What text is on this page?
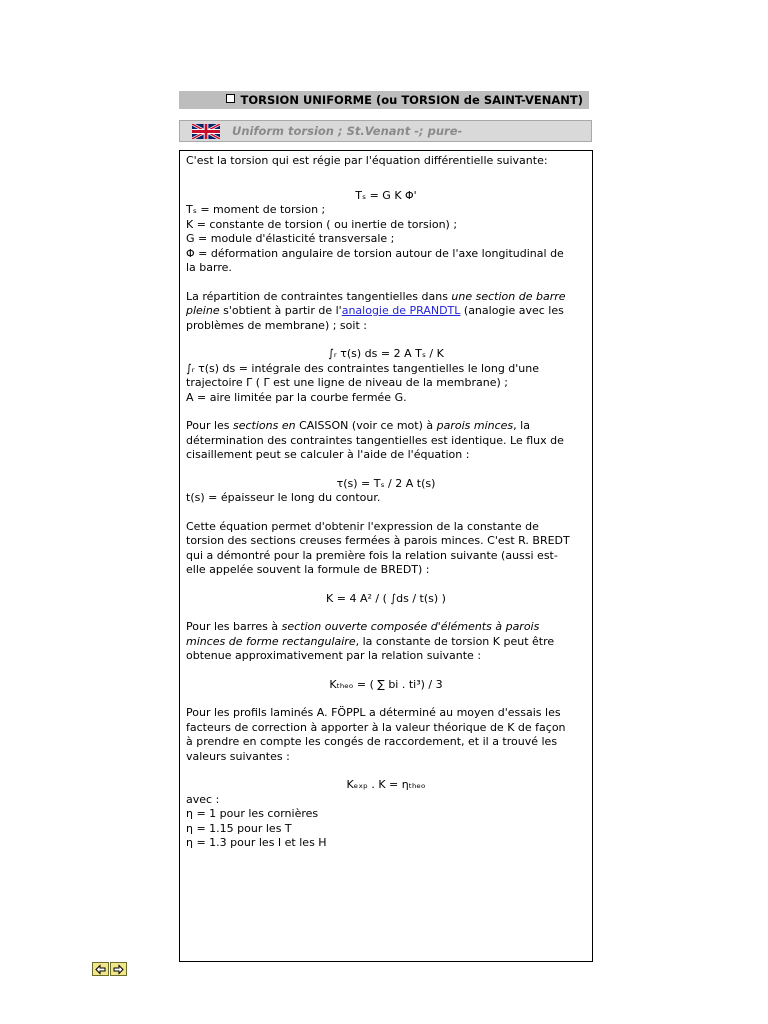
TORSION UNIFORME (ou TORSION de SAINT-VENANT)
Uniform torsion ; St.Venant -; pure-

C'est la torsion qui est régie par l'équation différentielle suivante:

Tₛ = G K Φ'

Tₛ = moment de torsion ;

K = constante de torsion ( ou inertie de torsion) ;

G = module d'élasticité transversale ;

Φ = déformation angulaire de torsion autour de l'axe longitudinal de
la barre.

La répartition de contraintes tangentielles dans une section de barre
pleine s'obtient à partir de l'analogie de PRANDTL (analogie avec les
problèmes de membrane) ; soit :

∫ᵣ τ(s) ds = 2 A Tₛ / K

∫ᵣ τ(s) ds = intégrale des contraintes tangentielles le long d'une

trajectoire Γ ( Γ est une ligne de niveau de la membrane) ;

A = aire limitée par la courbe fermée G.

Pour les sections en CAISSON (voir ce mot) à parois minces, la
détermination des contraintes tangentielles est identique. Le flux de
cisaillement peut se calculer à l'aide de l'équation :

τ(s) = Tₛ / 2 A t(s)

t(s) = épaisseur le long du contour.

Cette équation permet d'obtenir l'expression de la constante de
torsion des sections creuses fermées à parois minces. C'est R. BREDT
qui a démontré pour la première fois la relation suivante (aussi est-
elle appelée souvent la formule de BREDT) :

K = 4 A² / ( ∫ds / t(s) )

Pour les barres à section ouverte composée d'éléments à parois
minces de forme rectangulaire, la constante de torsion K peut être
obtenue approximativement par la relation suivante :

Kₜₕₑₒ = ( ∑ bi . ti³) / 3

Pour les profils laminés A. FÖPPL a déterminé au moyen d'essais les
facteurs de correction à apporter à la valeur théorique de K de façon
à prendre en compte les congés de raccordement, et il a trouvé les
valeurs suivantes :

Kₑₓₚ . K = ηₜₕₑₒ

avec :

η = 1 pour les cornières

η = 1.15 pour les T

η = 1.3 pour les I et les H
